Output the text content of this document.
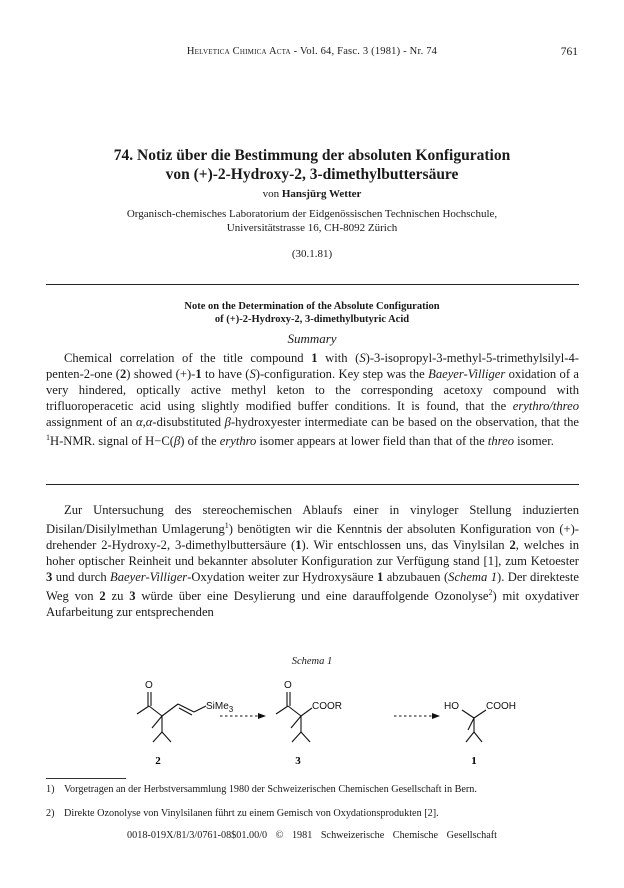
Helvetica Chimica Acta - Vol. 64, Fasc. 3 (1981) - Nr. 74	761
74. Notiz über die Bestimmung der absoluten Konfiguration
von (+)-2-Hydroxy-2, 3-dimethylbuttersäure
von Hansjürg Wetter
Organisch-chemisches Laboratorium der Eidgenössischen Technischen Hochschule,
Universitätstrasse 16, CH-8092 Zürich
(30.1.81)
Note on the Determination of the Absolute Configuration
of (+)-2-Hydroxy-2, 3-dimethylbutyric Acid
Summary
Chemical correlation of the title compound 1 with (S)-3-isopropyl-3-methyl-5-trimethylsilyl-4-penten-2-one (2) showed (+)-1 to have (S)-configuration. Key step was the Baeyer-Villiger oxidation of a very hindered, optically active methyl keton to the corresponding acetoxy compound with trifluoroperacetic acid using slightly modified buffer conditions. It is found, that the erythro/threo assignment of an α,α-disubstituted β-hydroxyester intermediate can be based on the observation, that the $^1$H-NMR. signal of H−C(β) of the erythro isomer appears at lower field than that of the threo isomer.
Zur Untersuchung des stereochemischen Ablaufs einer in vinyloger Stellung induzierten Disilan/Disilylmethan Umlagerung$^1$) benötigten wir die Kenntnis der absoluten Konfiguration von (+)-drehender 2-Hydroxy-2, 3-dimethylbuttersäure (1). Wir entschlossen uns, das Vinylsilan 2, welches in hoher optischer Reinheit und bekannter absoluter Konfiguration zur Verfügung stand [1], zum Ketoester 3 und durch Baeyer-Villiger-Oxydation weiter zur Hydroxysäure 1 abzubauen (Schema 1). Der direkteste Weg von 2 zu 3 würde über eine Desylierung und eine darauffolgende Ozonolyse$^2$) mit oxydativer Aufarbeitung zur entsprechenden
Schema 1
O
SiMe$_3$
O
COOR	HO	COOH
2	3	1
1) Vorgetragen an der Herbstversammlung 1980 der Schweizerischen Chemischen Gesellschaft in Bern.
2) Direkte Ozonolyse von Vinylsilanen führt zu einem Gemisch von Oxydationsprodukten [2].
0018-019X/81/3/0761-08$01.00/0 © 1981 Schweizerische Chemische Gesellschaft
